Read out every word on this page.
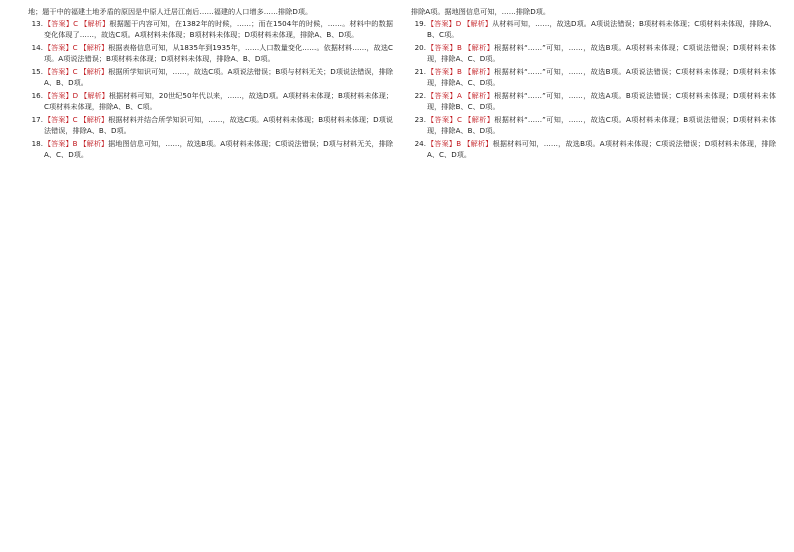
地；题干中的福建土地矛盾的原因是中原人迁居江南后……福建的人口增多……排除D项。

13. 【答案】C 【解析】根据题干内容可知，在1382年的时候，……；而在1504年的时候，……。材料中的数据变化体现了……，故选C项。A项材料未体现；B项材料未体现；D项材料未体现，排除A、B、D项。

14. 【答案】C 【解析】根据表格信息可知，从1835年到1935年，……人口数量变化……。依据材料……，故选C项。A项说法错误；B项材料未体现；D项材料未体现，排除A、B、D项。

15. 【答案】C 【解析】根据所学知识可知，……，故选C项。A项说法错误；B项与材料无关；D项说法错误，排除A、B、D项。

16. 【答案】D 【解析】根据材料可知，20世纪50年代以来，……，故选D项。A项材料未体现；B项材料未体现；C项材料未体现，排除A、B、C项。

17. 【答案】C 【解析】根据材料并结合所学知识可知，……，故选C项。A项材料未体现；B项材料未体现；D项说法错误，排除A、B、D项。

18. 【答案】B 【解析】据地图信息可知，……，故选B项。A项材料未体现；C项说法错误；D项与材料无关，排除A、C、D项。

排除A项。据地图信息可知，……排除D项。

19. 【答案】D 【解析】从材料可知，……，故选D项。A项说法错误；B项材料未体现；C项材料未体现，排除A、B、C项。

20. 【答案】B 【解析】根据材料“……”可知，……，故选B项。A项材料未体现；C项说法错误；D项材料未体现，排除A、C、D项。

21. 【答案】B 【解析】根据材料“……”可知，……，故选B项。A项说法错误；C项材料未体现；D项材料未体现，排除A、C、D项。

22. 【答案】A 【解析】根据材料“……”可知，……，故选A项。B项说法错误；C项材料未体现；D项材料未体现，排除B、C、D项。

23. 【答案】C 【解析】根据材料“……”可知，……，故选C项。A项材料未体现；B项说法错误；D项材料未体现，排除A、B、D项。

24. 【答案】B 【解析】根据材料可知，……，故选B项。A项材料未体现；C项说法错误；D项材料未体现，排除A、C、D项。
